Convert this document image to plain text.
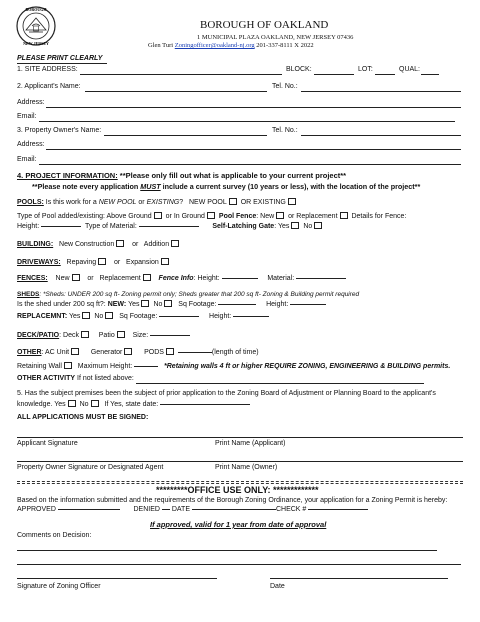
BOROUGH
NEW JERSEY
BOROUGH OF OAKLAND
1 MUNICIPAL PLAZA OAKLAND, NEW JERSEY 07436
Glen Turi Zoningofficer@oakland-nj.org 201-337-8111 X 2022
PLEASE PRINT CLEARLY
1. SITE ADDRESS:	BLOCK:	LOT:	QUAL:
2. Applicant's Name:	Tel. No.:
Address:
Email:
3. Property Owner's Name:	Tel. No.:
Address:
Email:
4. PROJECT INFORMATION: **Please only fill out what is applicable to your current project**
**Please note every application MUST include a current survey (10 years or less), with the location of the project**
POOLS: Is this work for a NEW POOL or EXISTING? NEW POOL OR EXISTING
Type of Pool added/existing: Above Ground or In Ground Pool Fence: New or Replacement Details for Fence:
Height:	Type of Material:	Self-Latching Gate: Yes No
BUILDING: New Construction	or Addition
DRIVEWAYS: Repaving	or Expansion
FENCES: New	or Replacement	Fence Info: Height:	Material:
SHEDS: *Sheds: UNDER 200 sq ft- Zoning permit only; Sheds greater that 200 sq ft- Zoning & Building permit required
Is the shed under 200 sq ft?: NEW: Yes No Sq Footage:	Height:
REPLACEMNT: Yes No Sq Footage:	Height:
DECK/PATIO: Deck	Patio	Size:
OTHER: AC Unit	Generator	PODS	(length of time)
Retaining Wall Maximum Height:	*Retaining walls 4 ft or higher REQUIRE ZONING, ENGINEERING & BUILDING permits.
OTHER ACTIVITY If not listed above:
5. Has the subject premises been the subject of prior application to the Zoning Board of Adjustment or Planning Board to the applicant's
knowledge. Yes No If Yes, state date:
ALL APPLICATIONS MUST BE SIGNED:
Applicant Signature	Print Name (Applicant)
Property Owner Signature or Designated Agent	Print Name (Owner)
*********OFFICE USE ONLY: *************
Based on the information submitted and the requirements of the Borough Zoning Ordinance, your application for a Zoning Permit is hereby:
APPROVED	DENIED DATE	CHECK #
If approved, valid for 1 year from date of approval
Comments on Decision:
Signature of Zoning Officer	Date
